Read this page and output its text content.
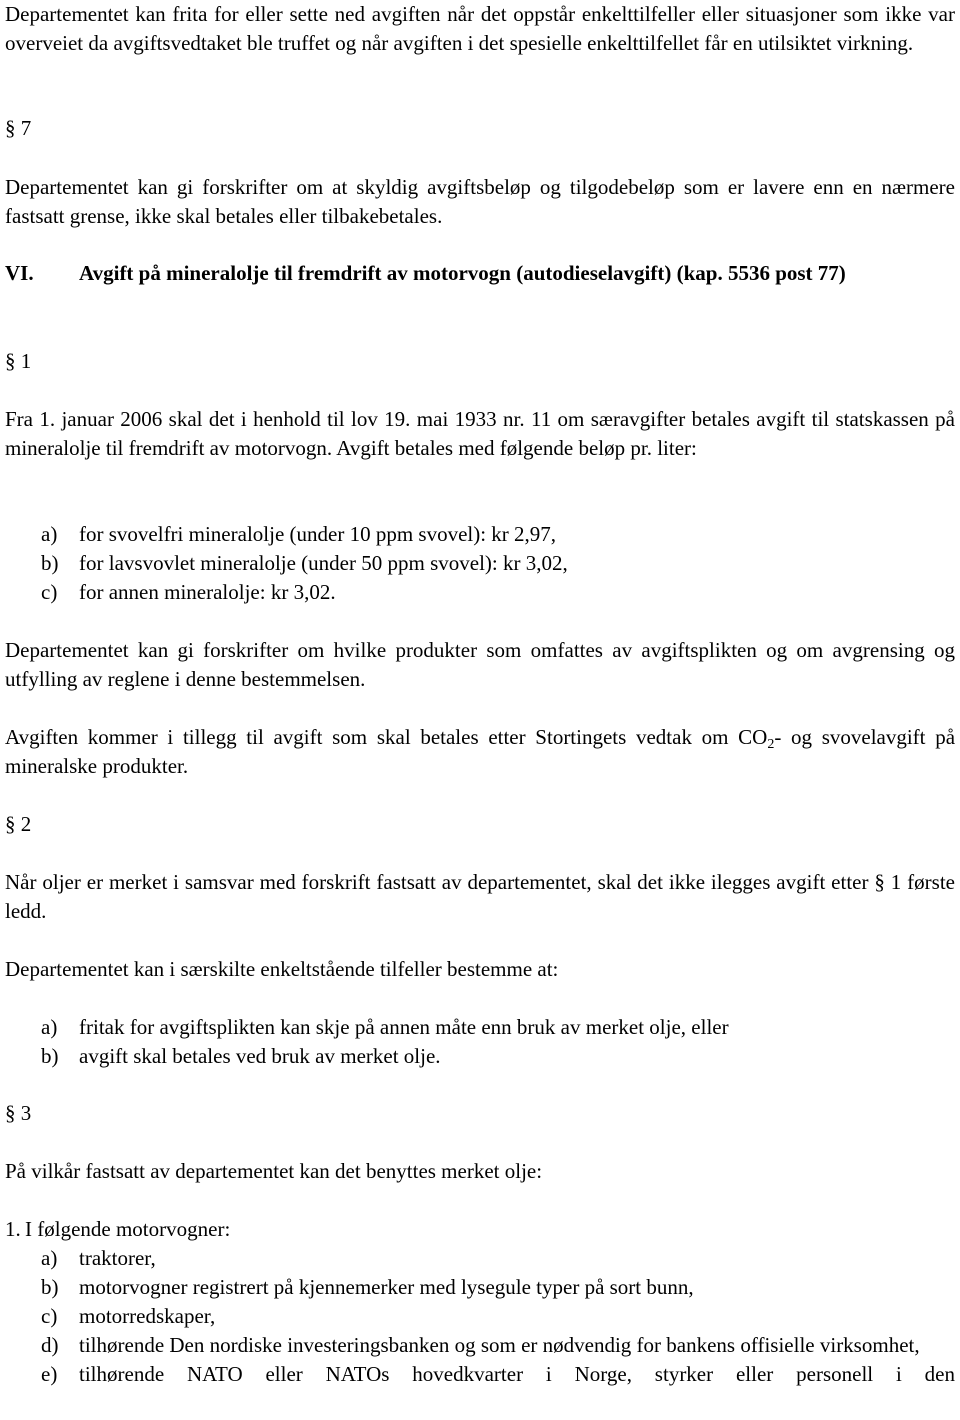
Departementet kan frita for eller sette ned avgiften når det oppstår enkelttilfeller eller situasjoner som ikke var overveiet da avgiftsvedtaket ble truffet og når avgiften i det spesielle enkelttilfellet får en utilsiktet virkning.

§ 7

Departementet kan gi forskrifter om at skyldig avgiftsbeløp og tilgodebeløp som er lavere enn en nærmere fastsatt grense, ikke skal betales eller tilbakebetales.

VI.	Avgift på mineralolje til fremdrift av motorvogn (autodieselavgift) (kap. 5536 post 77)

§ 1

Fra 1. januar 2006 skal det i henhold til lov 19. mai 1933 nr. 11 om særavgifter betales avgift til statskassen på mineralolje til fremdrift av motorvogn. Avgift betales med følgende beløp pr. liter:

a)	for svovelfri mineralolje (under 10 ppm svovel): kr 2,97,
b) for lavsvovlet mineralolje (under 50 ppm svovel): kr 3,02,
c)	for annen mineralolje: kr 3,02.

Departementet kan gi forskrifter om hvilke produkter som omfattes av avgiftsplikten og om avgrensing og utfylling av reglene i denne bestemmelsen.

Avgiften kommer i tillegg til avgift som skal betales etter Stortingets vedtak om $CO_2-$ og svovelavgift på mineralske produkter.

§ 2

Når oljer er merket i samsvar med forskrift fastsatt av departementet, skal det ikke ilegges avgift etter § 1 første ledd.

Departementet kan i særskilte enkeltstående tilfeller bestemme at:

a)	fritak for avgiftsplikten kan skje på annen måte enn bruk av merket olje, eller
b) avgift skal betales ved bruk av merket olje.

§ 3

På vilkår fastsatt av departementet kan det benyttes merket olje:

1. I følgende motorvogner:
a)	traktorer,
b) motorvogner registrert på kjennemerker med lysegule typer på sort bunn,
c)	motorredskaper,
d) tilhørende Den nordiske investeringsbanken og som er nødvendig for bankens offisielle virksomhet,
e)	tilhørende NATO eller NATOs hovedkvarter i Norge, styrker eller personell i den
